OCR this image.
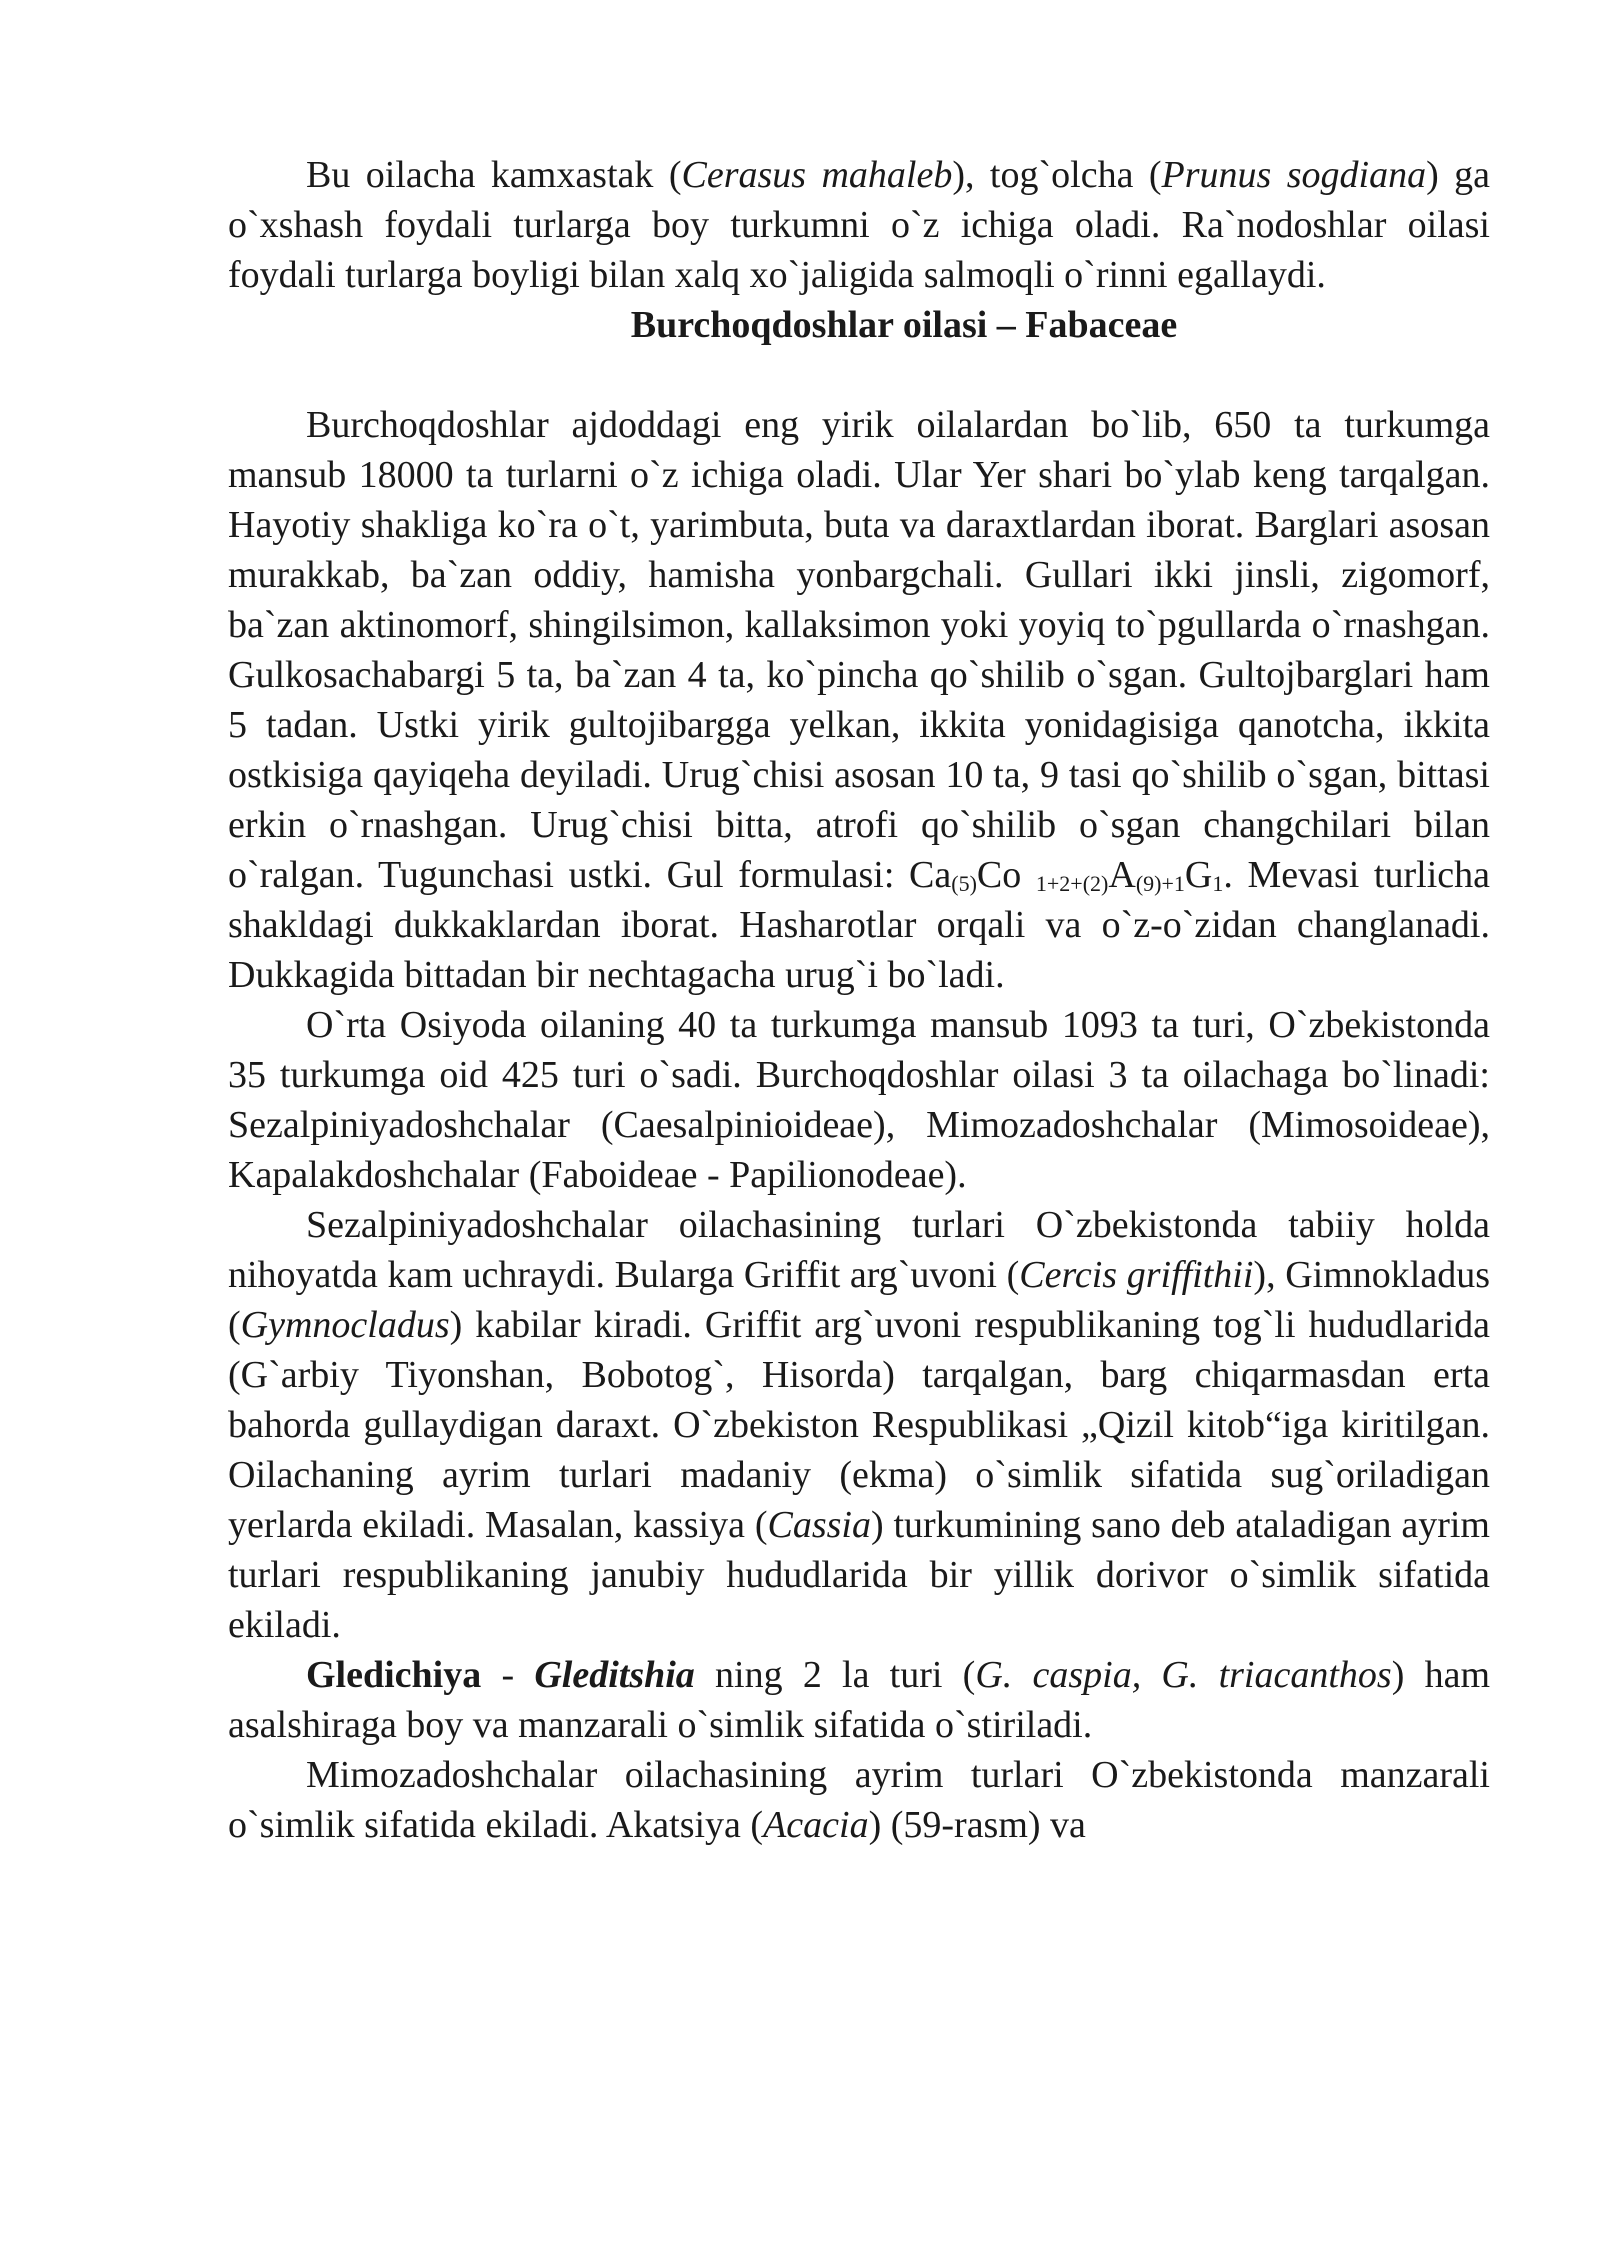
Bu oilacha kamxastak (Cerasus mahaleb), tog`olcha (Prunus sogdiana) ga o`xshash foydali turlarga boy turkumni o`z ichiga oladi. Ra`nodoshlar oilasi foydali turlarga boyligi bilan xalq xo`jaligida salmoqli o`rinni egallaydi.

Burchoqdoshlar oilasi – Fabaceae

Burchoqdoshlar ajdoddagi eng yirik oilalardan bo`lib, 650 ta turkumga mansub 18000 ta turlarni o`z ichiga oladi. Ular Yer shari bo`ylab keng tarqalgan. Hayotiy shakliga ko`ra o`t, yarimbuta, buta va daraxtlardan iborat. Barglari asosan murakkab, ba`zan oddiy, hamisha yonbargchali. Gullari ikki jinsli, zigomorf, ba`zan aktinomorf, shingilsimon, kallaksimon yoki yoyiq to`pgullarda o`rnashgan. Gulkosachabargi 5 ta, ba`zan 4 ta, ko`pincha qo`shilib o`sgan. Gultojbarglari ham 5 tadan. Ustki yirik gultojibargga yelkan, ikkita yonidagisiga qanotcha, ikkita ostkisiga qayiqeha deyiladi. Urug`chisi asosan 10 ta, 9 tasi qo`shilib o`sgan, bittasi erkin o`rnashgan. Urug`chisi bitta, atrofi qo`shilib o`sgan changchilari bilan o`ralgan. Tugunchasi ustki. Gul formulasi: $Ca_{(5)}Co$ $_{1+2+(2)}A_{(9)+1}G_1$. Mevasi turlicha shakldagi dukkaklardan iborat. Hasharotlar orqali va o`z-o`zidan changlanadi. Dukkagida bittadan bir nechtagacha urug`i bo`ladi.

O`rta Osiyoda oilaning 40 ta turkumga mansub 1093 ta turi, O`zbekistonda 35 turkumga oid 425 turi o`sadi. Burchoqdoshlar oilasi 3 ta oilachaga bo`linadi: Sezalpiniyadoshchalar (Caesalpinioideae), Mimozadoshchalar (Mimosoideae), Kapalakdoshchalar (Faboideae - Papilionodeae).

Sezalpiniyadoshchalar oilachasining turlari O`zbekistonda tabiiy holda nihoyatda kam uchraydi. Bularga Griffit arg`uvoni (Cercis griffithii), Gimnokladus (Gymnocladus) kabilar kiradi. Griffit arg`uvoni respublikaning tog`li hududlarida (G`arbiy Tiyonshan, Bobotog`, Hisorda) tarqalgan, barg chiqarmasdan erta bahorda gullaydigan daraxt. O`zbekiston Respublikasi „Qizil kitob“iga kiritilgan. Oilachaning ayrim turlari madaniy (ekma) o`simlik sifatida sug`oriladigan yerlarda ekiladi. Masalan, kassiya (Cassia) turkumining sano deb ataladigan ayrim turlari respublikaning janubiy hududlarida bir yillik dorivor o`simlik sifatida ekiladi.

Gledichiya - Gleditshia ning 2 la turi (G. caspia, G. triacanthos) ham asalshiraga boy va manzarali o`simlik sifatida o`stiriladi.

Mimozadoshchalar oilachasining ayrim turlari O`zbekistonda manzarali o`simlik sifatida ekiladi. Akatsiya (Acacia) (59-rasm) va
